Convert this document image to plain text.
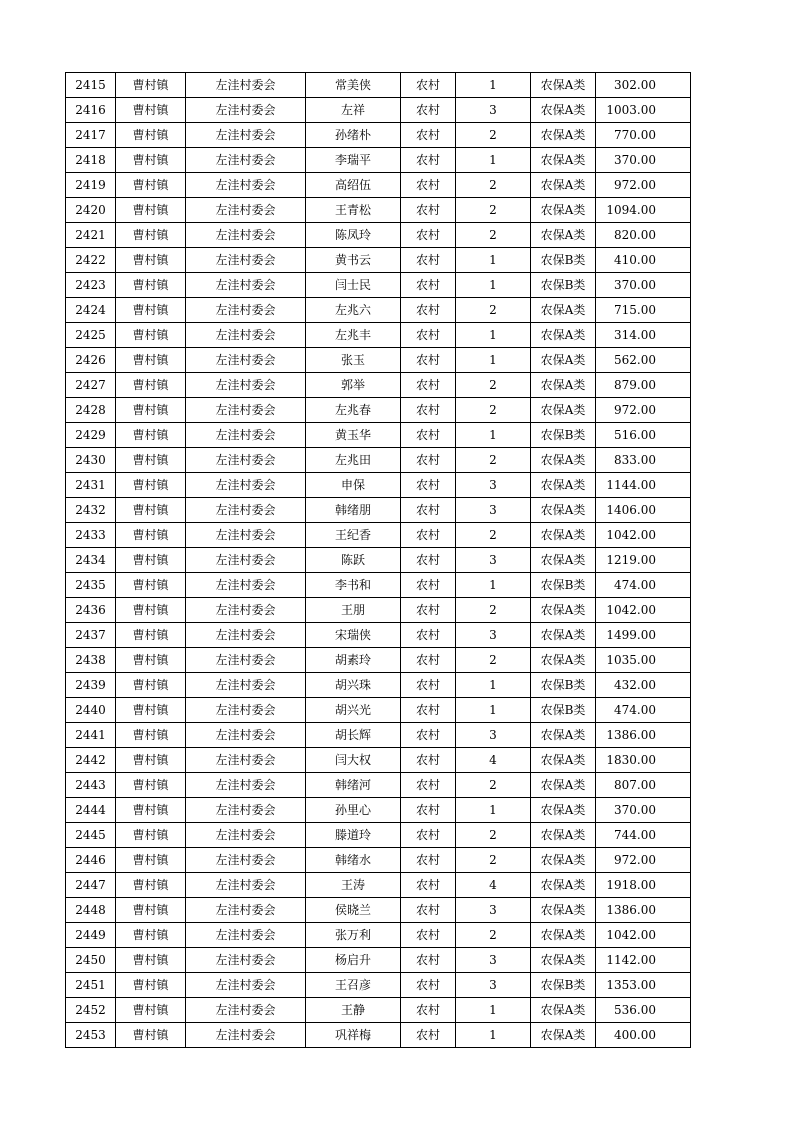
2415	曹村镇	左洼村委会	常美侠	农村	1	农保A类	302.00
2416	曹村镇	左洼村委会	左祥	农村	3	农保A类	1003.00
2417	曹村镇	左洼村委会	孙绪朴	农村	2	农保A类	770.00
2418	曹村镇	左洼村委会	李瑞平	农村	1	农保A类	370.00
2419	曹村镇	左洼村委会	高绍伍	农村	2	农保A类	972.00
2420	曹村镇	左洼村委会	王青松	农村	2	农保A类	1094.00
2421	曹村镇	左洼村委会	陈凤玲	农村	2	农保A类	820.00
2422	曹村镇	左洼村委会	黄书云	农村	1	农保B类	410.00
2423	曹村镇	左洼村委会	闫士民	农村	1	农保B类	370.00
2424	曹村镇	左洼村委会	左兆六	农村	2	农保A类	715.00
2425	曹村镇	左洼村委会	左兆丰	农村	1	农保A类	314.00
2426	曹村镇	左洼村委会	张玉	农村	1	农保A类	562.00
2427	曹村镇	左洼村委会	郭举	农村	2	农保A类	879.00
2428	曹村镇	左洼村委会	左兆春	农村	2	农保A类	972.00
2429	曹村镇	左洼村委会	黄玉华	农村	1	农保B类	516.00
2430	曹村镇	左洼村委会	左兆田	农村	2	农保A类	833.00
2431	曹村镇	左洼村委会	申保	农村	3	农保A类	1144.00
2432	曹村镇	左洼村委会	韩绪朋	农村	3	农保A类	1406.00
2433	曹村镇	左洼村委会	王纪香	农村	2	农保A类	1042.00
2434	曹村镇	左洼村委会	陈跃	农村	3	农保A类	1219.00
2435	曹村镇	左洼村委会	李书和	农村	1	农保B类	474.00
2436	曹村镇	左洼村委会	王朋	农村	2	农保A类	1042.00
2437	曹村镇	左洼村委会	宋瑞侠	农村	3	农保A类	1499.00
2438	曹村镇	左洼村委会	胡素玲	农村	2	农保A类	1035.00
2439	曹村镇	左洼村委会	胡兴珠	农村	1	农保B类	432.00
2440	曹村镇	左洼村委会	胡兴光	农村	1	农保B类	474.00
2441	曹村镇	左洼村委会	胡长辉	农村	3	农保A类	1386.00
2442	曹村镇	左洼村委会	闫大权	农村	4	农保A类	1830.00
2443	曹村镇	左洼村委会	韩绪河	农村	2	农保A类	807.00
2444	曹村镇	左洼村委会	孙里心	农村	1	农保A类	370.00
2445	曹村镇	左洼村委会	滕道玲	农村	2	农保A类	744.00
2446	曹村镇	左洼村委会	韩绪水	农村	2	农保A类	972.00
2447	曹村镇	左洼村委会	王涛	农村	4	农保A类	1918.00
2448	曹村镇	左洼村委会	侯晓兰	农村	3	农保A类	1386.00
2449	曹村镇	左洼村委会	张万利	农村	2	农保A类	1042.00
2450	曹村镇	左洼村委会	杨启升	农村	3	农保A类	1142.00
2451	曹村镇	左洼村委会	王召彦	农村	3	农保B类	1353.00
2452	曹村镇	左洼村委会	王静	农村	1	农保A类	536.00
2453	曹村镇	左洼村委会	巩祥梅	农村	1	农保A类	400.00
